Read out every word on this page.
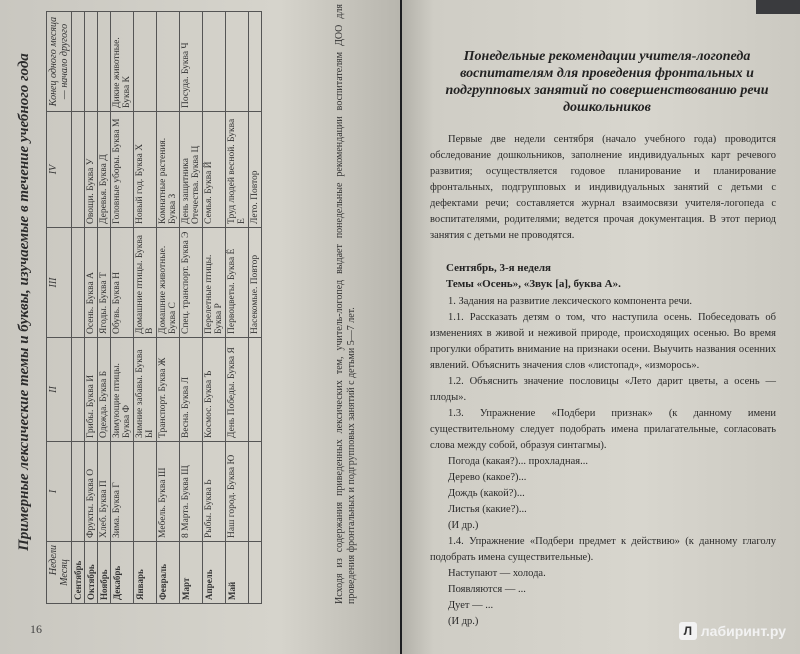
Примерные лексические темы и буквы, изучаемые в течение учебного года
Недели Месяц	I	II	III	IV	Конец одного месяца — начало другого
Сентябрь					
Октябрь	Фрукты. Буква О	Грибы. Буква И	Осень. Буква А	Овощи. Буква У	
Ноябрь	Хлеб. Буква П	Одежда. Буква Б	Ягоды. Буква Т	Деревья. Буква Д	
Декабрь	Зима. Буква Г	Зимующие птицы. Буква Ф	Обувь. Буква Н	Головные уборы. Буква М	Дикие животные. Буква К
Январь		Зимние забавы. Буква Ы	Домашние птицы. Буква В	Новый год. Буква Х	
Февраль	Мебель. Буква Ш	Транспорт. Буква Ж	Домашние животные. Буква С	Комнатные растения. Буква З	
Март	8 Марта. Буква Щ	Весна. Буква Л	Спец. транспорт. Буква Э	День защитника Отечества. Буква Ц	Посуда. Буква Ч
Апрель	Рыбы. Буква Ь	Космос. Буква Ъ	Перелетные птицы. Буква Р	Семья. Буква Й	
Май	Наш город. Буква Ю	День Победы. Буква Я	Первоцветы. Буква Ё	Труд людей весной. Буква Е	
			Насекомые. Повтор	Лето. Повтор		Исходя из содержания приведенных лексических тем, учитель-логопед выдает понедельные рекомендации воспитателям ДОО для проведения фронтальных и подгрупповых занятий с детьми 5—7 лет.
16
Понедельные рекомендации учителя-логопеда воспитателям для проведения фронтальных и подгрупповых занятий по совершенствованию речи дошкольников
Первые две недели сентября (начало учебного года) проводится обследование дошкольников, заполнение индивидуальных карт речевого развития; осуществляется годовое планирование и планирование фронтальных, подгрупповых и индивидуальных занятий с детьми с дефектами речи; составляется журнал взаимосвязи учителя-логопеда с воспитателями, родителями; ведется прочая документация. В этот период занятия с детьми не проводятся.
Сентябрь, 3-я неделя
Темы «Осень», «Звук [а], буква А».
1. Задания на развитие лексического компонента речи.
1.1. Рассказать детям о том, что наступила осень. Побеседовать об изменениях в живой и неживой природе, происходящих осенью. Во время прогулки обратить внимание на признаки осени. Выучить названия осенних явлений. Объяснить значения слов «листопад», «изморось».
1.2. Объяснить значение пословицы «Лето дарит цветы, а осень — плоды».
1.3. Упражнение «Подбери признак» (к данному имени существительному следует подобрать имена прилагательные, согласовать слова между собой, образуя синтагмы).
Погода (какая?)... прохладная...
Дерево (какое?)...
Дождь (какой?)...
Листья (какие?)...
(И др.)
1.4. Упражнение «Подбери предмет к действию» (к данному глаголу подобрать имена существительные).
Наступают — холода.
Появляются — ...
Дует — ...
(И др.)
Л лабиринт.ру
